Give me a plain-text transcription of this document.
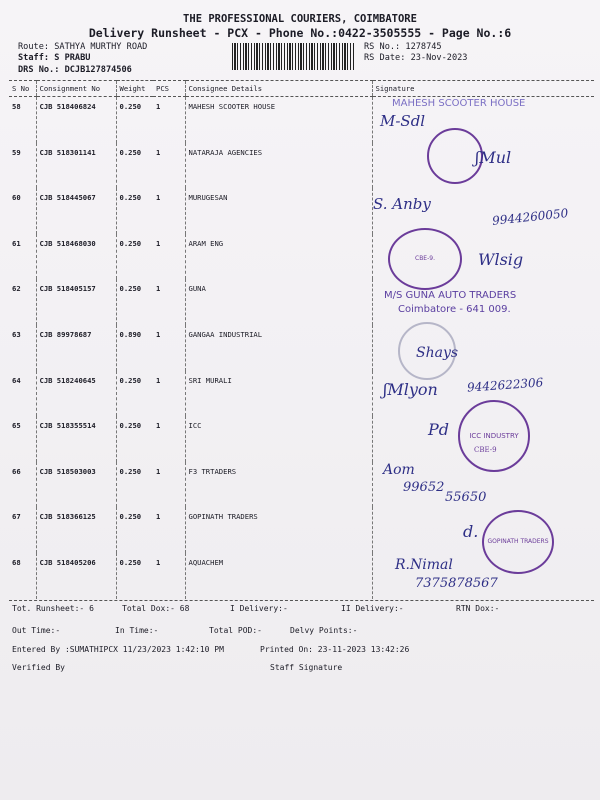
THE PROFESSIONAL COURIERS, COIMBATORE
Delivery Runsheet - PCX - Phone No.:0422-3505555 - Page No.:6
Route: SATHYA MURTHY ROAD
Staff: S PRABU
DRS No.: DCJB127874506
RS No.: 1278745
RS Date: 23-Nov-2023
S No	Consignment No	Weight	PCS	Consignee Details	Signature
58	CJB 518406824	0.250	1	MAHESH SCOOTER HOUSE	
59	CJB 518301141	0.250	1	NATARAJA AGENCIES	
60	CJB 518445067	0.250	1	MURUGESAN	
61	CJB 518468030	0.250	1	ARAM ENG	
62	CJB 518405157	0.250	1	GUNA	
63	CJB 89978687	0.890	1	GANGAA INDUSTRIAL	
64	CJB 518240645	0.250	1	SRI MURALI	
65	CJB 518355514	0.250	1	ICC	
66	CJB 518503003	0.250	1	F3 TRTADERS	
67	CJB 518366125	0.250	1	GOPINATH TRADERS	
68	CJB 518405206	0.250	1	AQUACHEM	
Tot. Runsheet:- 6	Total Dox:- 68	I Delivery:-	II Delivery:-	RTN Dox:-
Out Time:-	In Time:-	Total POD:-	Delvy Points:-
Entered By :SUMATHIPCX 11/23/2023 1:42:10 PM	Printed On: 23-11-2023 13:42:26
Verified By	Staff Signature
MAHESH SCOOTER HOUSE
M-Sdl
ʃMul
S. Anby
9944260050
CBE-9.	Wlsig
M/S GUNA AUTO TRADERS
Coimbatore - 641 009.
Shays
ʃMlyon 9442622306
ICC INDUSTRY
CBE-9
Pd
Aom
99652
55650
GOPINATH TRADERS
d.
R.Nimal
7375878567
